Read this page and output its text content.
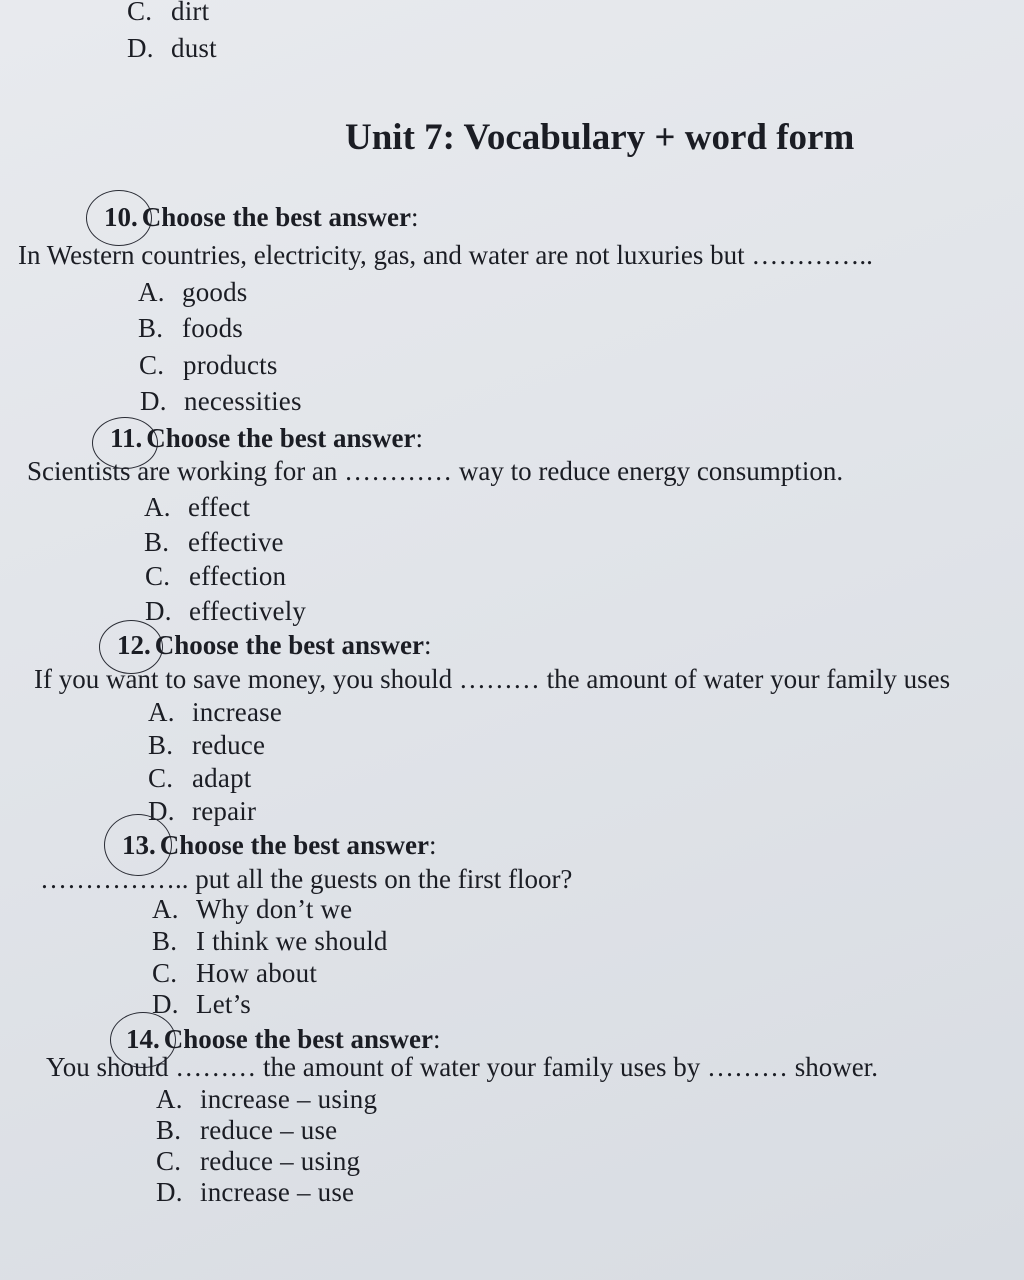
C. dirt
D. dust
Unit 7: Vocabulary + word form
10. Choose the best answer:
In Western countries, electricity, gas, and water are not luxuries but …………..
A. goods
B. foods
C. products
D. necessities
11. Choose the best answer:
Scientists are working for an ………… way to reduce energy consumption.
A. effect
B. effective
C. effection
D. effectively
12. Choose the best answer:
If you want to save money, you should ……… the amount of water your family uses
A. increase
B. reduce
C. adapt
D. repair
13. Choose the best answer:
…………….. put all the guests on the first floor?
A. Why don’t we
B. I think we should
C. How about
D. Let’s
14. Choose the best answer:
You should ……… the amount of water your family uses by ……… shower.
A. increase – using
B. reduce – use
C. reduce – using
D. increase – use
